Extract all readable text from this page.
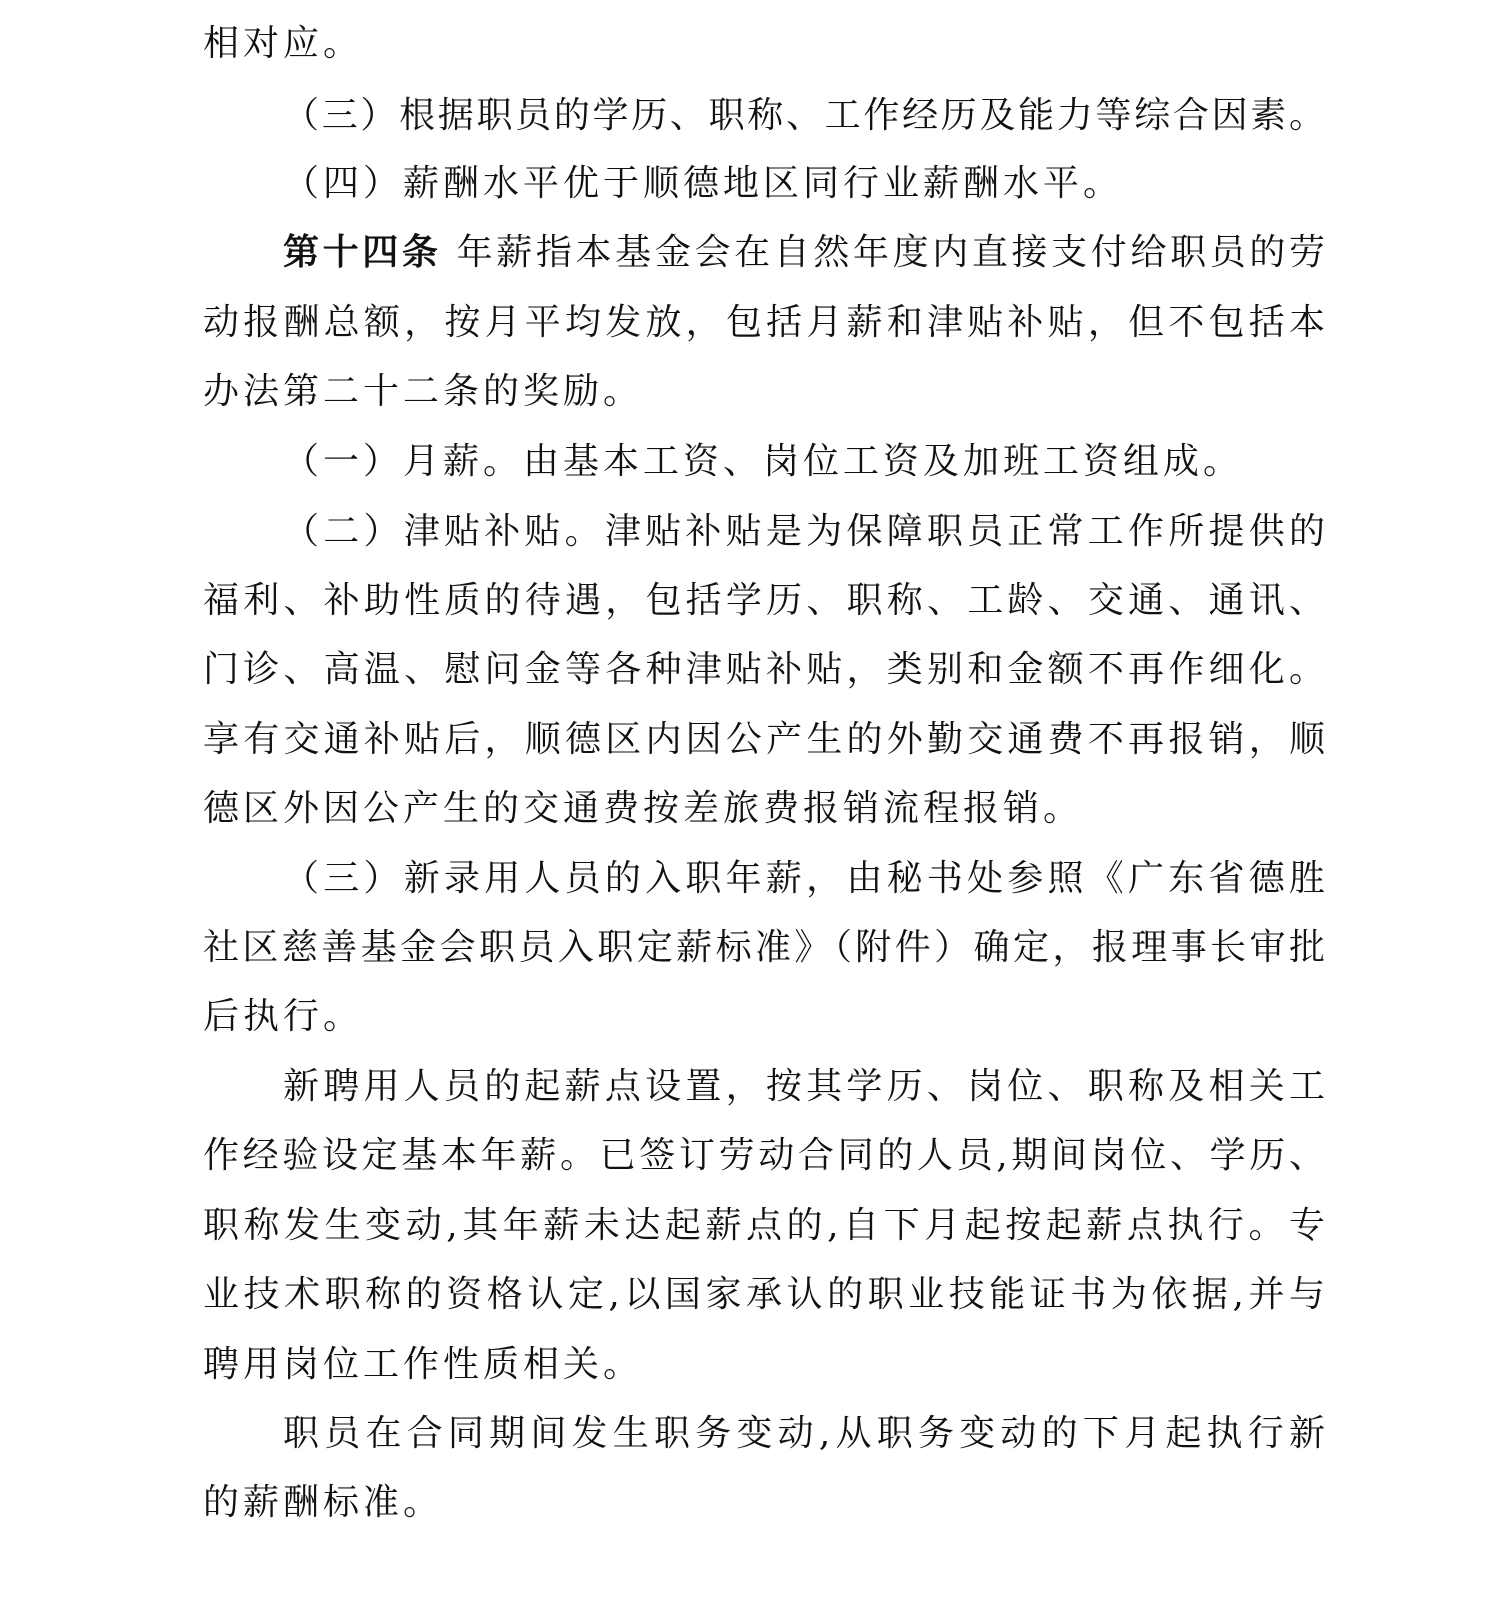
相对应。
（三）根据职员的学历、职称、工作经历及能力等综合因素。
（四）薪酬水平优于顺德地区同行业薪酬水平。
第十四条 年薪指本基金会在自然年度内直接支付给职员的劳
动报酬总额，按月平均发放，包括月薪和津贴补贴，但不包括本
办法第二十二条的奖励。
（一）月薪。由基本工资、岗位工资及加班工资组成。
（二）津贴补贴。津贴补贴是为保障职员正常工作所提供的
福利、补助性质的待遇，包括学历、职称、工龄、交通、通讯、
门诊、高温、慰问金等各种津贴补贴，类别和金额不再作细化。
享有交通补贴后，顺德区内因公产生的外勤交通费不再报销，顺
德区外因公产生的交通费按差旅费报销流程报销。
（三）新录用人员的入职年薪，由秘书处参照《广东省德胜
社区慈善基金会职员入职定薪标准》（附件）确定，报理事长审批
后执行。
新聘用人员的起薪点设置，按其学历、岗位、职称及相关工
作经验设定基本年薪。已签订劳动合同的人员,期间岗位、学历、
职称发生变动,其年薪未达起薪点的,自下月起按起薪点执行。专
业技术职称的资格认定,以国家承认的职业技能证书为依据,并与
聘用岗位工作性质相关。
职员在合同期间发生职务变动,从职务变动的下月起执行新
的薪酬标准。
